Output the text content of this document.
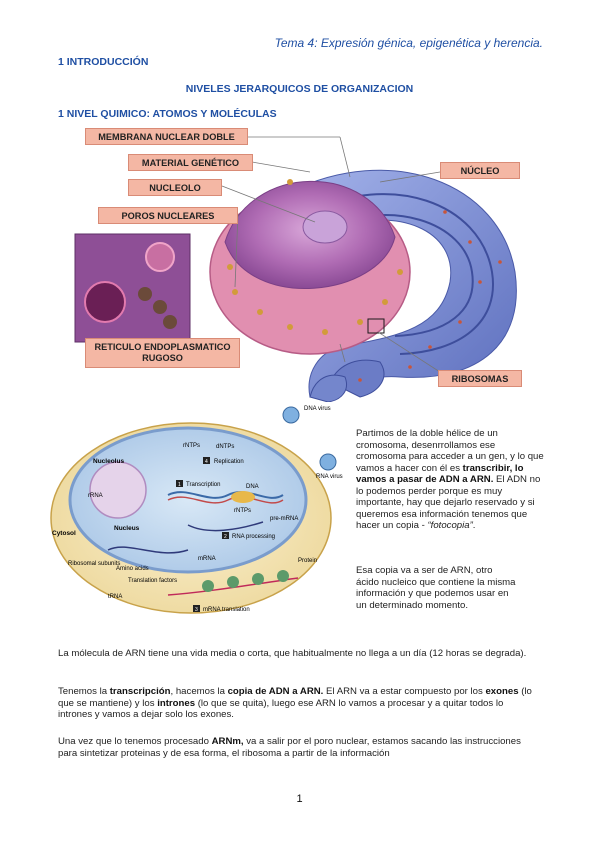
Tema 4: Expresión génica, epigenética y herencia.
1 INTRODUCCIÓN
NIVELES JERARQUICOS DE ORGANIZACION
1 NIVEL QUIMICO: ATOMOS Y MOLÉCULAS
MEMBRANA NUCLEAR DOBLE
MATERIAL GENÉTICO
NUCLEOLO
POROS NUCLEARES
RETICULO ENDOPLASMATICO RUGOSO
NÚCLEO
RIBOSOMAS
DNA virus
RNA virus
Nucleolus
rRNA
Nucleus
Cytosol
rNTPs	dNTPs
4 Replication
1 Transcription	DNA
rNTPs
pre-mRNA
2 RNA processing
mRNA
Ribosomal subunits
Amino acids
Translation factors
tRNA
Protein
3 mRNA translation
Partimos de la doble hélice de un cromosoma, desenrrollamos ese cromosoma para acceder a un gen, y lo que vamos a hacer con él es transcribir, lo vamos a pasar de ADN a ARN. El ADN no lo podemos perder porque es muy importante, hay que dejarlo reservado y si queremos esa información tenemos que hacer un copia - “fotocopia”.
Esa copia va a ser de ARN, otro ácido nucleico que contiene la misma información y que podemos usar en un determinado momento.
La mólecula de ARN tiene una vida media o corta, que habitualmente no llega a un día (12 horas se degrada).
Tenemos la transcripción, hacemos la copia de ADN a ARN. El ARN va a estar compuesto por los exones (lo que se mantiene) y los intrones (lo que se quita), luego ese ARN lo vamos a procesar y a quitar todos lo intrones y vamos a dejar solo los exones.
Una vez que lo tenemos procesado ARNm, va a salir por el poro nuclear, estamos sacando las instrucciones para sintetizar proteinas y de esa forma, el ribosoma a partir de la información
1
